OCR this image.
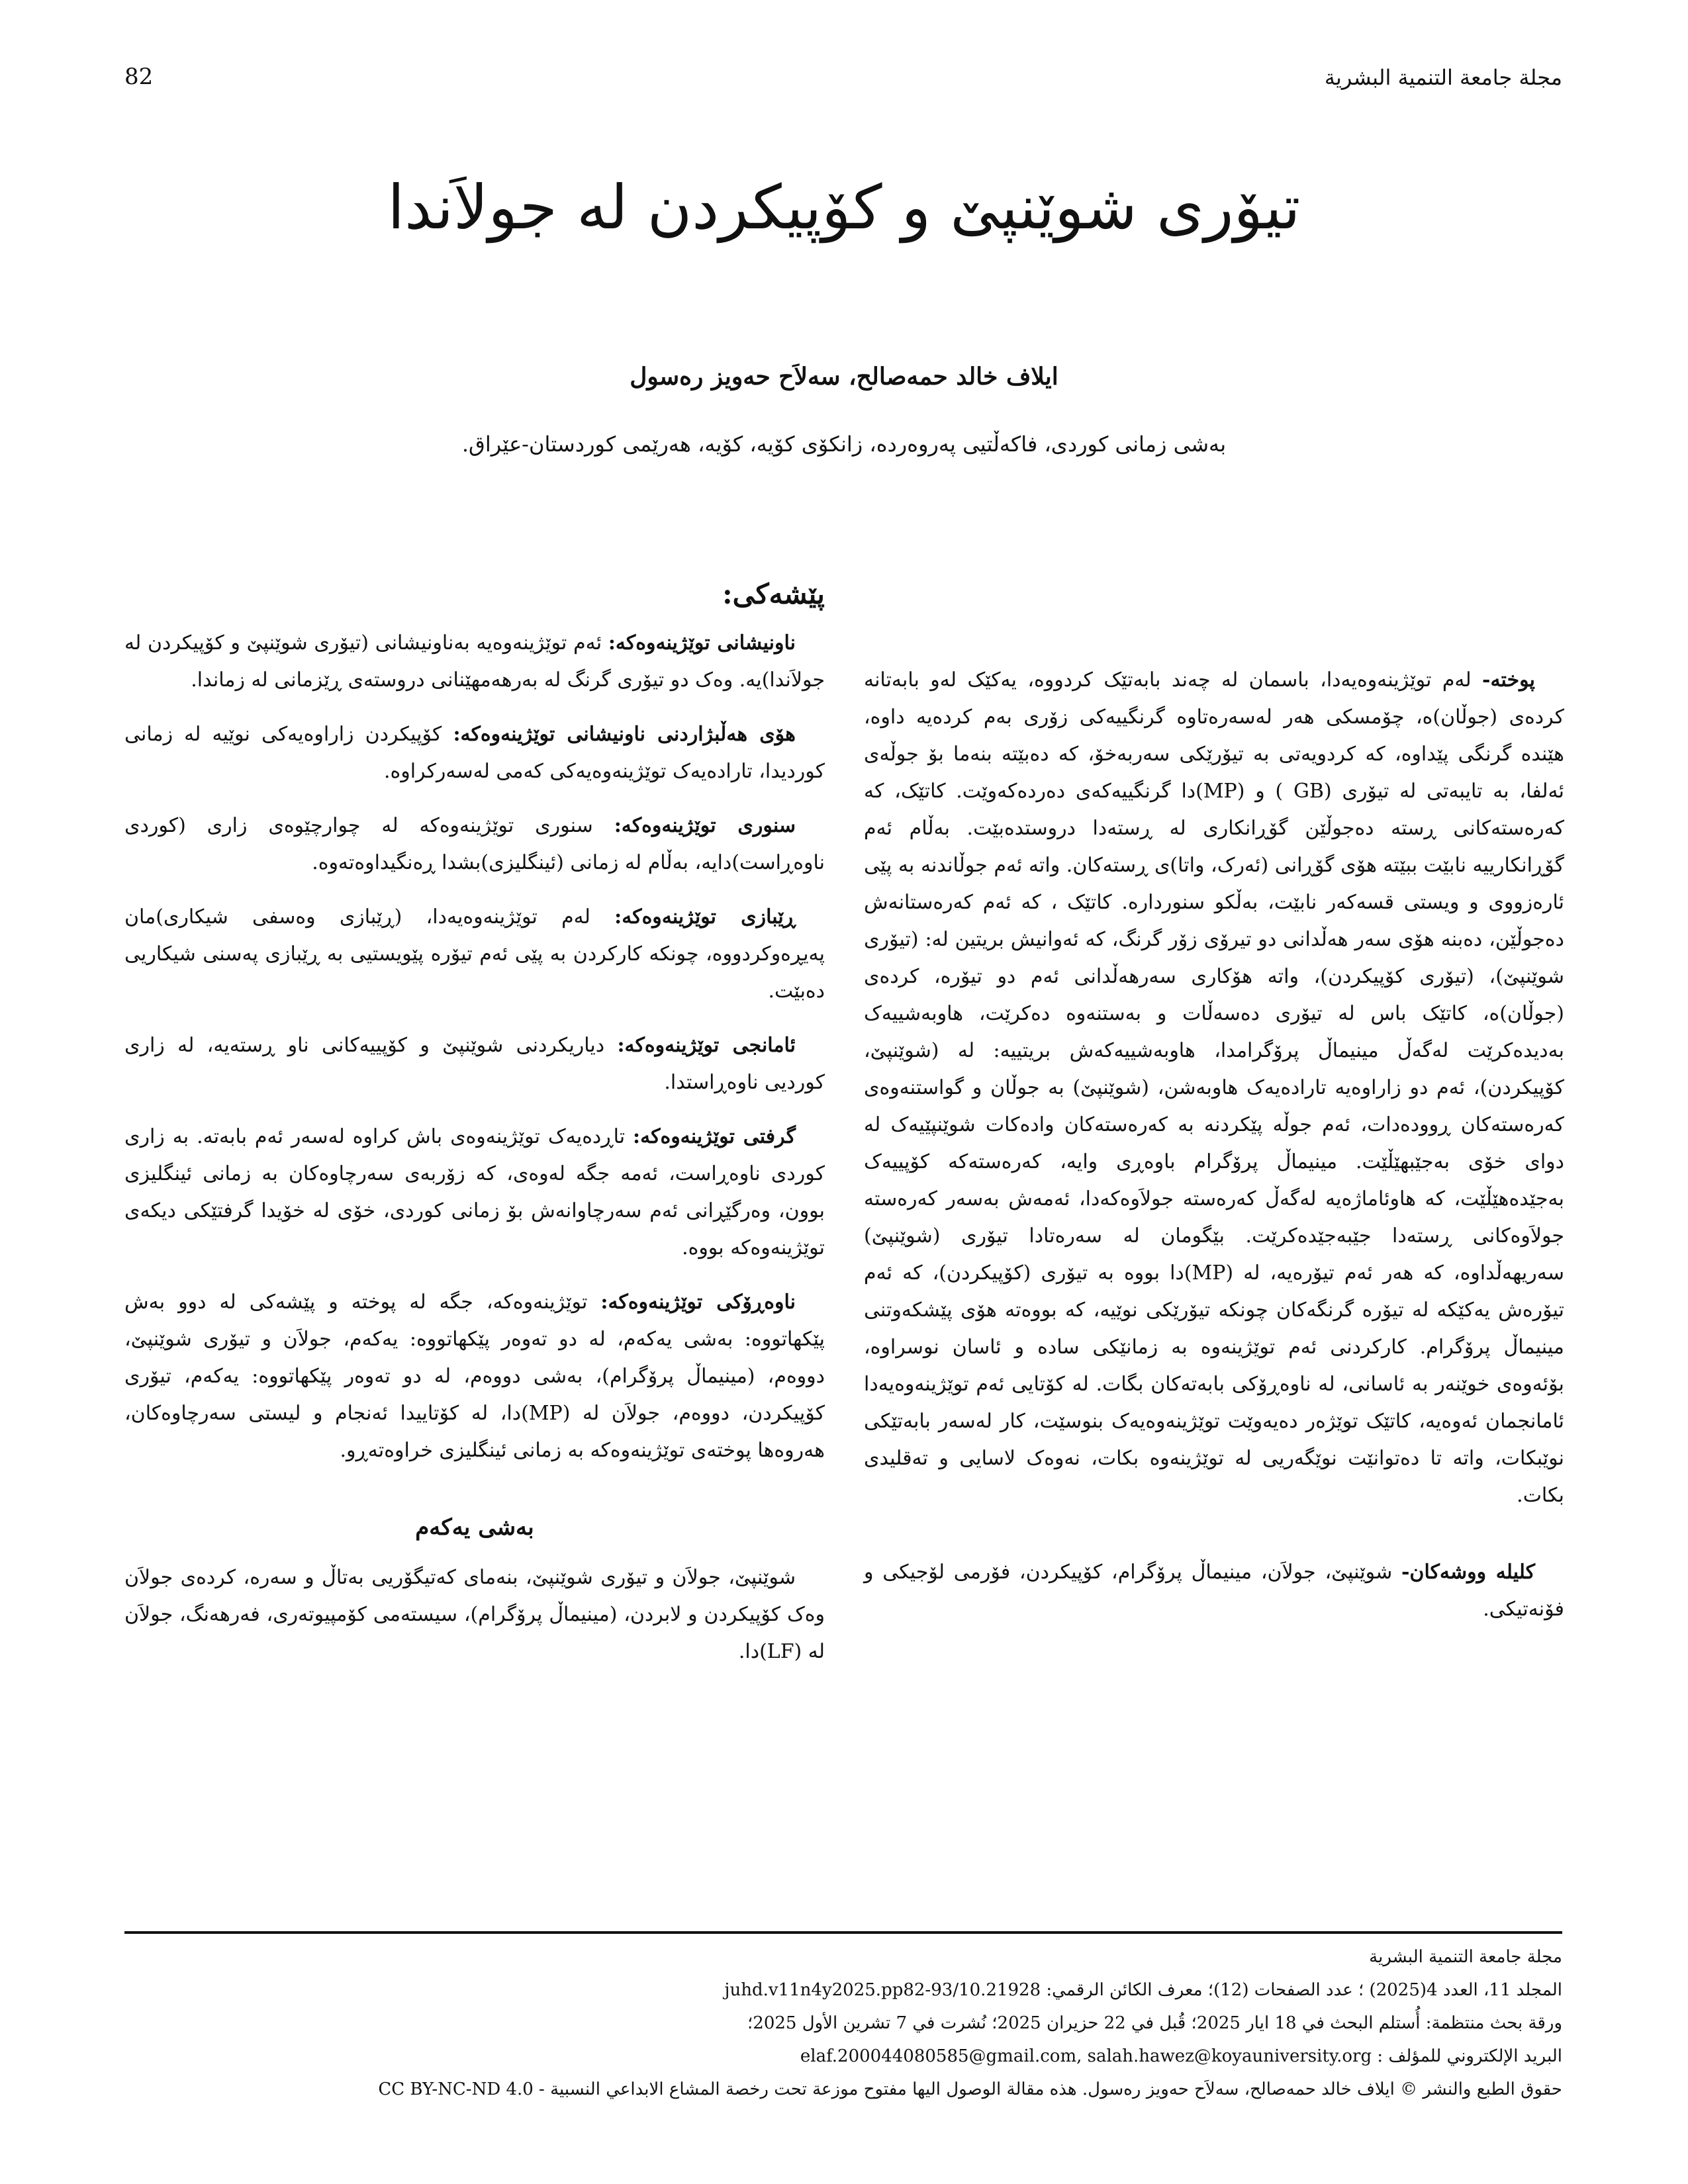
82	مجلة جامعة التنمية البشرية
تیۆری شوێنپێ و کۆپیکردن لە جولاَندا
ایلاف خالد حمەصالح، سەلاَح حەویز رەسول
بەشی زمانی کوردی، فاکەڵتیی پەروەردە، زانکۆی کۆیە، کۆیە، هەرێمی کوردستان-عێراق.

پوختە- لەم توێژینەوەیەدا، باسمان لە چەند بابەتێک کردووە، یەکێک لەو بابەتانە کردەی (جوڵان)ە، چۆمسکی هەر لەسەرەتاوە گرنگییەکی زۆری بەم کردەیە داوە، هێندە گرنگی پێداوە، کە کردویەتی بە تیۆرێکی سەربەخۆ، کە دەبێتە بنەما بۆ جوڵەی ئەلفا، بە تایبەتی لە تیۆری (GB ) و (MP)دا گرنگییەکەی دەردەکەوێت. کاتێک، کە کەرەستەکانی ڕستە دەجوڵێن گۆڕانکاری لە ڕستەدا دروستدەبێت. بەڵام ئەم گۆڕانکارییە نابێت ببێتە هۆی گۆڕانی (ئەرک، واتا)ی ڕستەکان. واتە ئەم جوڵاندنە بە پێی ئارەزووی و ویستی قسەکەر نابێت، بەڵکو سنوردارە. کاتێک ، کە ئەم کەرەستانەش دەجوڵێن، دەبنە هۆی سەر هەڵدانی دو تیرۆی زۆر گرنگ، کە ئەوانیش بریتین لە: (تیۆری شوێنپێ)، (تیۆری کۆپیکردن)، واتە هۆکاری سەرهەڵدانی ئەم دو تیۆرە، کردەی (جوڵان)ە، کاتێک باس لە تیۆری دەسەڵات و بەستنەوە دەکرێت، هاوبەشییەک بەدیدەکرێت لەگەڵ مینیماڵ پرۆگرامدا، هاوبەشییەکەش بریتییە: لە (شوێنپێ، کۆپیکردن)، ئەم دو زاراوەیە تارادەیەک هاوبەشن، (شوێنپێ) بە جوڵان و گواستنەوەی کەرەستەکان ڕوودەدات، ئەم جوڵە پێکردنە بە کەرەستەکان وادەکات شوێنپێیەک لە دوای خۆی بەجێبهێڵێت. مینیماڵ پرۆگرام باوەڕی وایە، کەرەستەکە کۆپییەک بەجێدەهێڵێت، کە هاوئاماژەیە لەگەڵ کەرەستە جولاَوەکەدا، ئەمەش بەسەر کەرەستە جولاَوەکانی ڕستەدا جێبەجێدەکرێت. بێگومان لە سەرەتادا تیۆری (شوێنپێ) سەریهەڵداوە، کە هەر ئەم تیۆرەیە، لە (MP)دا بووە بە تیۆری (کۆپیکردن)، کە ئەم تیۆرەش یەکێکە لە تیۆرە گرنگەکان چونکە تیۆرێکی نوێیە، کە بووەتە هۆی پێشکەوتنی مینیماڵ پرۆگرام. کارکردنی ئەم توێژینەوە بە زمانێکی سادە و ئاسان نوسراوە، بۆئەوەی خوێنەر بە ئاسانی، لە ناوەڕۆکی بابەتەکان بگات. لە کۆتایی ئەم توێژینەوەیەدا ئامانجمان ئەوەیە، کاتێک توێژەر دەیەوێت توێژینەوەیەک بنوسێت، کار لەسەر بابەتێکی نوێبکات، واتە تا دەتوانێت نوێگەریی لە توێژینەوە بکات، نەوەک لاسایی و تەقلیدی بکات.

کلیلە ووشەکان- شوێنپێ، جولاَن، مینیماڵ پرۆگرام، کۆپیکردن، فۆرمی لۆجیکی و فۆنەتیکی.

پێشەکی:

ناونیشانی توێژینەوەکە: ئەم توێژینەوەیە بەناونیشانی (تیۆری شوێنپێ و کۆپیکردن لە جولاَندا)یە. وەک دو تیۆری گرنگ لە بەرهەمهێنانی دروستەی ڕێزمانی لە زماندا.

هۆی هەڵبژاردنی ناونیشانی توێژینەوەکە: کۆپیکردن زاراوەیەکی نوێیە لە زمانی کوردیدا، تارادەیەک توێژینەوەیەکی کەمی لەسەرکراوە.

سنوری توێژینەوەکە: سنوری توێژینەوەکە لە چوارچێوەی زاری (کوردی ناوەڕاست)دایە، بەڵام لە زمانی (ئینگلیزی)بشدا ڕەنگیداوەتەوە.

ڕێبازی توێژینەوەکە: لەم توێژینەوەیەدا، (ڕێبازی وەسفی شیکاری)مان پەیڕەوکردووە، چونکە کارکردن بە پێی ئەم تیۆرە پێویستیی بە ڕێبازی پەسنی شیکاریی دەبێت.

ئامانجی توێژینەوەکە: دیاریکردنی شوێنپێ و کۆپییەکانی ناو ڕستەیە، لە زاری کوردیی ناوەڕاستدا.

گرفتی توێژینەوەکە: تاڕدەیەک توێژینەوەی باش کراوە لەسەر ئەم بابەتە. بە زاری کوردی ناوەڕاست، ئەمە جگە لەوەی، کە زۆربەی سەرچاوەکان بە زمانی ئینگلیزی بوون، وەرگێڕانی ئەم سەرچاوانەش بۆ زمانی کوردی، خۆی لە خۆیدا گرفتێکی دیکەی توێژینەوەکە بووە.

ناوەڕۆکی توێژینەوەکە: توێژینەوەکە، جگە لە پوختە و پێشەکی لە دوو بەش پێکهاتووە: بەشی یەکەم، لە دو تەوەر پێکهاتووە: یەکەم، جولاَن و تیۆری شوێنپێ، دووەم، (مینیماڵ پرۆگرام)، بەشی دووەم، لە دو تەوەر پێکهاتووە: یەکەم، تیۆری کۆپیکردن، دووەم، جولاَن لە (MP)دا، لە کۆتاییدا ئەنجام و لیستی سەرچاوەکان، هەروەها پوختەی توێژینەوەکە بە زمانی ئینگلیزی خراوەتەڕو.

بەشی یەکەم

شوێنپێ، جولاَن و تیۆری شوێنپێ، بنەمای کەتیگۆریی بەتاڵ و سەرە، کردەی جولاَن وەک کۆپیکردن و لابردن، (مینیماڵ پرۆگرام)، سیستەمی کۆمپیوتەری، فەرهەنگ، جولاَن لە (LF)دا.

مجلة جامعة التنمية البشرية
المجلد 11، العدد 4(2025) ؛ عدد الصفحات (12)؛ معرف الكائن الرقمي: 10.21928/juhd.v11n4y2025.pp82-93
ورقة بحث منتظمة: أُستلم البحث في 18 ايار 2025؛ قُبل في 22 حزيران 2025؛ نُشرت في 7 تشرين الأول 2025؛
البريد الإلكتروني للمؤلف : elaf.200044080585@gmail.com, salah.hawez@koyauniversity.org
حقوق الطبع والنشر © ایلاف خالد حمەصالح، سەلاَح حەویز رەسول. هذه مقالة الوصول اليها مفتوح موزعة تحت رخصة المشاع الابداعي النسبية - CC BY-NC-ND 4.0
